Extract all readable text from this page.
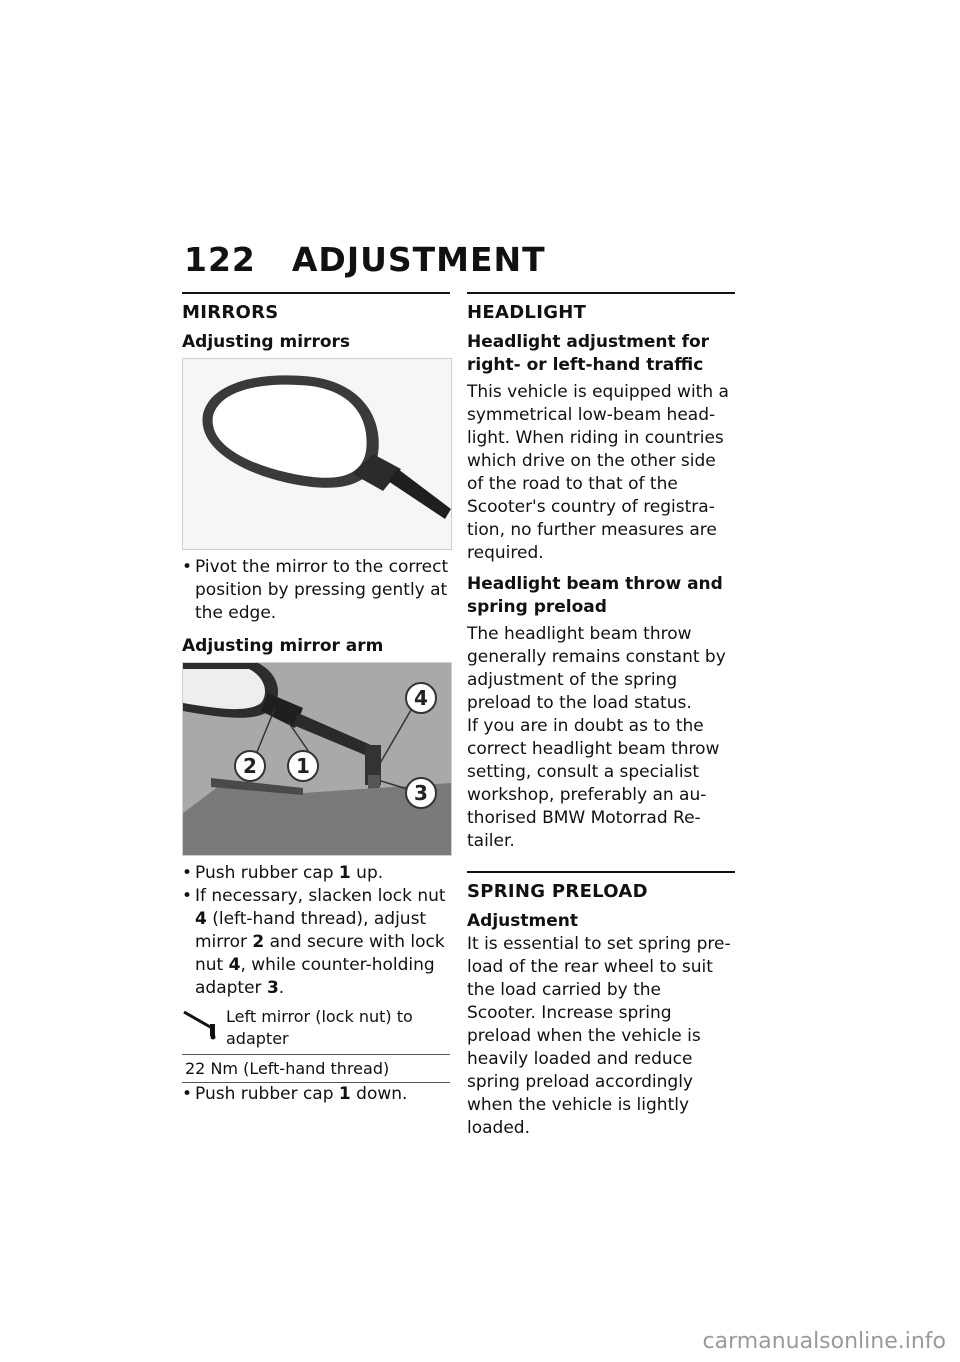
122 ADJUSTMENT
MIRRORS
Adjusting mirrors
• Pivot the mirror to the correct position by pressing gently at the edge.
Adjusting mirror arm
1
2
3
4
• Push rubber cap 1 up.
• If necessary, slacken lock nut 4 (left-hand thread), adjust mirror 2 and secure with lock nut 4, while counter-holding adapter 3.
Left mirror (lock nut) to adapter
22 Nm (Left-hand thread)
• Push rubber cap 1 down.
HEADLIGHT
Headlight adjustment for right- or left-hand traffic

This vehicle is equipped with a symmetrical low-beam headlight. When riding in countries which drive on the other side of the road to that of the Scooter's country of registration, no further measures are required.

Headlight beam throw and spring preload

The headlight beam throw generally remains constant by adjustment of the spring preload to the load status.

If you are in doubt as to the correct headlight beam throw setting, consult a specialist workshop, preferably an authorised BMW Motorrad Retailer.

SPRING PRELOAD
Adjustment

It is essential to set spring preload of the rear wheel to suit the load carried by the Scooter. Increase spring preload when the vehicle is heavily loaded and reduce spring preload accordingly when the vehicle is lightly loaded.

carmanualsonline.info
